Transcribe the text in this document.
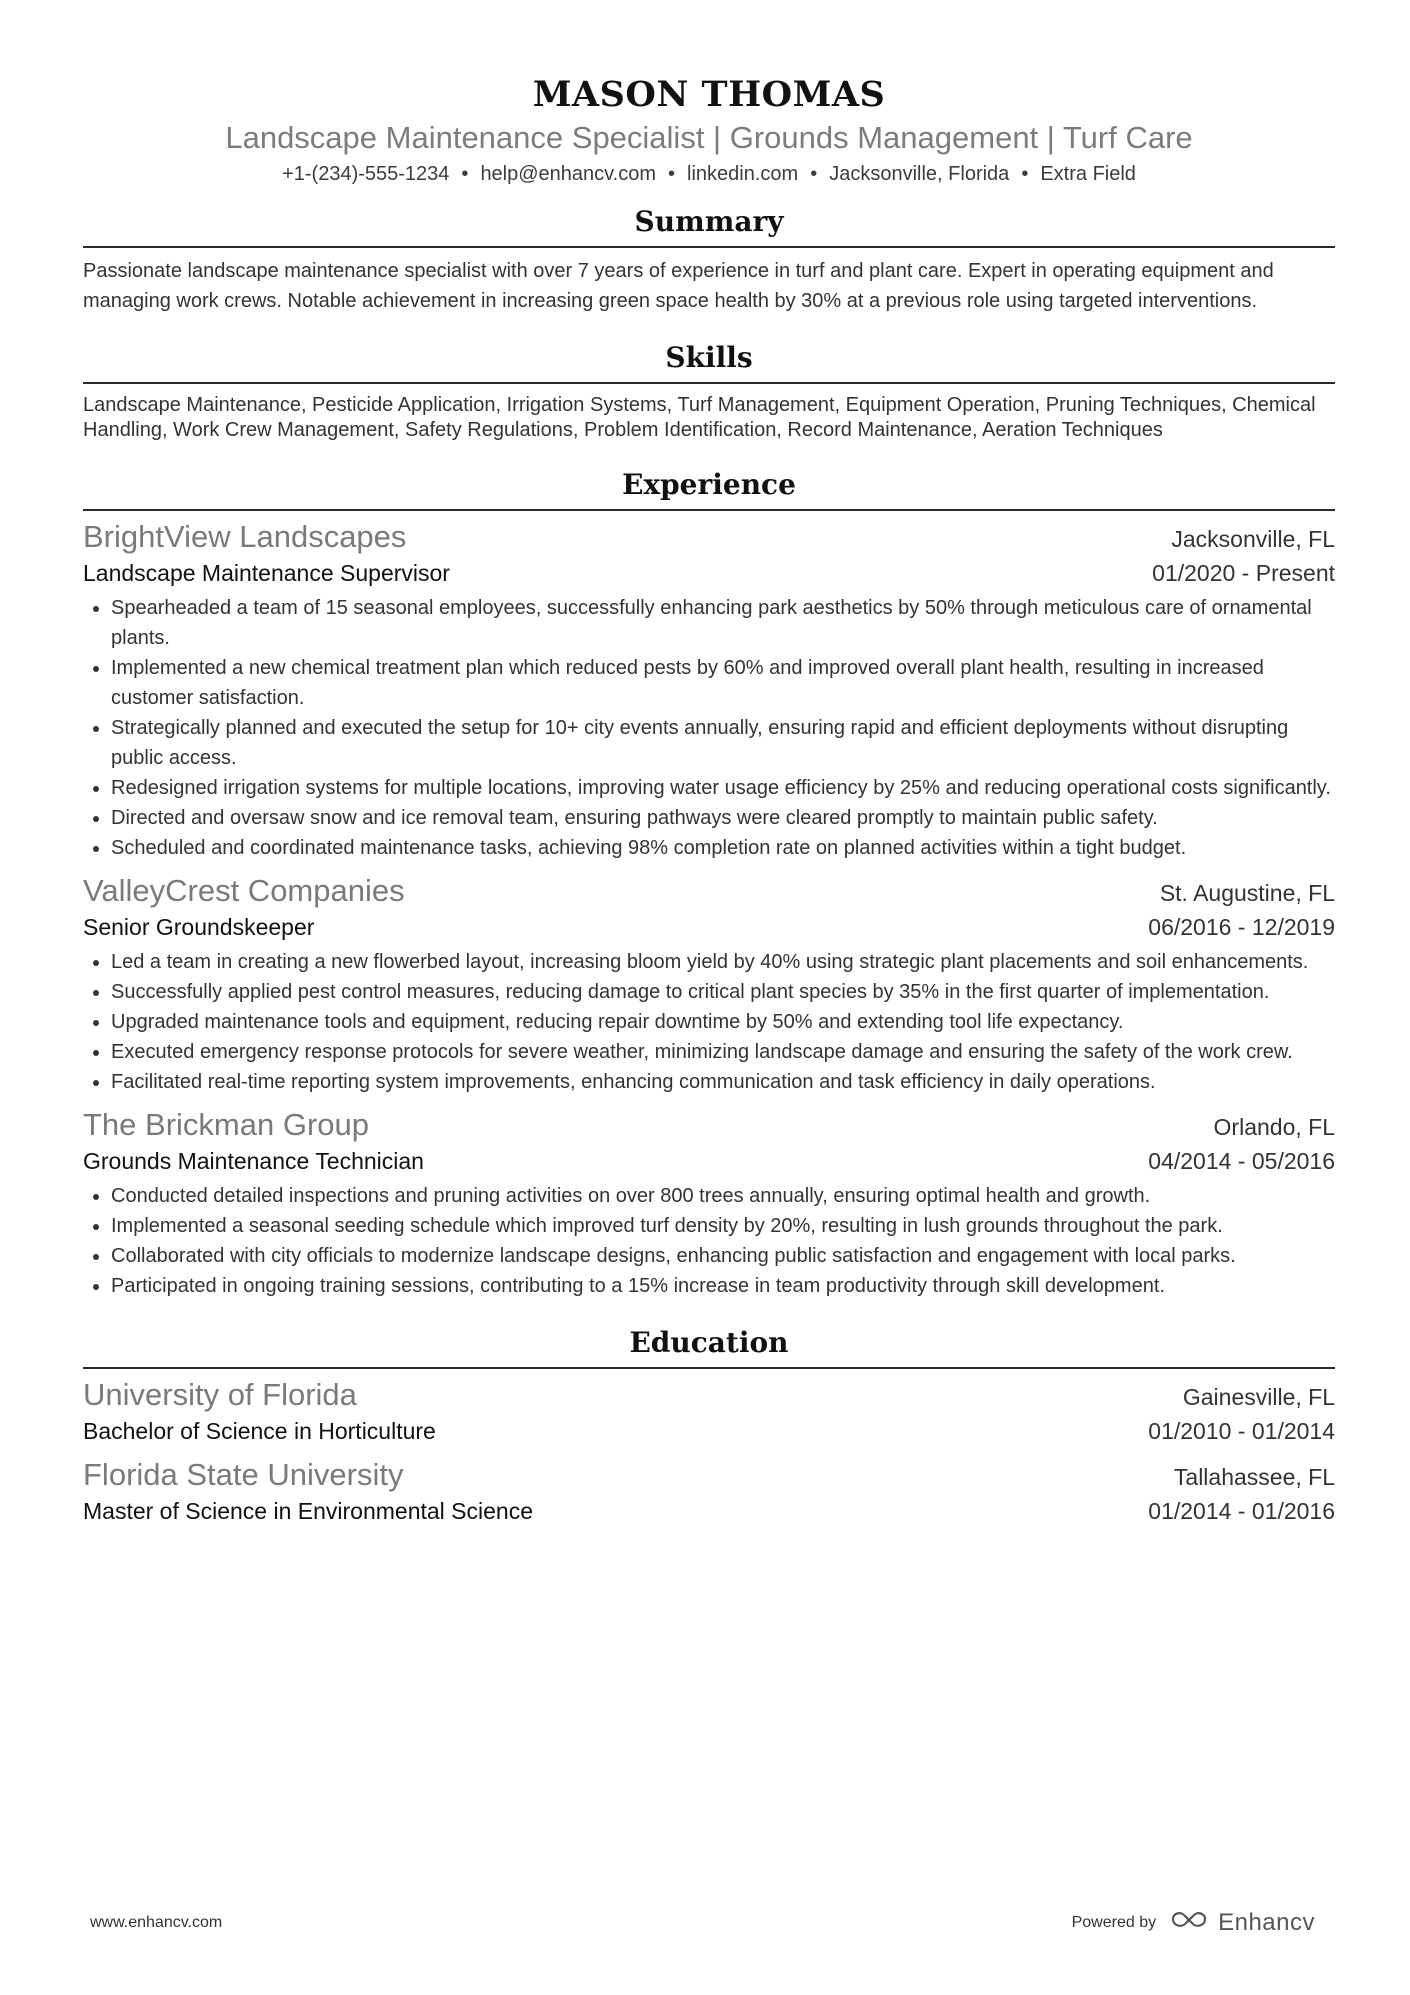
MASON THOMAS
Landscape Maintenance Specialist | Grounds Management | Turf Care
+1-(234)-555-1234 • help@enhancv.com • linkedin.com • Jacksonville, Florida • Extra Field
Summary
Passionate landscape maintenance specialist with over 7 years of experience in turf and plant care. Expert in operating equipment and managing work crews. Notable achievement in increasing green space health by 30% at a previous role using targeted interventions.
Skills
Landscape Maintenance, Pesticide Application, Irrigation Systems, Turf Management, Equipment Operation, Pruning Techniques, Chemical Handling, Work Crew Management, Safety Regulations, Problem Identification, Record Maintenance, Aeration Techniques
Experience
BrightView Landscapes	Jacksonville, FL
Landscape Maintenance Supervisor	01/2020 - Present
Spearheaded a team of 15 seasonal employees, successfully enhancing park aesthetics by 50% through meticulous care of ornamental plants.
Implemented a new chemical treatment plan which reduced pests by 60% and improved overall plant health, resulting in increased customer satisfaction.
Strategically planned and executed the setup for 10+ city events annually, ensuring rapid and efficient deployments without disrupting public access.
Redesigned irrigation systems for multiple locations, improving water usage efficiency by 25% and reducing operational costs significantly.
Directed and oversaw snow and ice removal team, ensuring pathways were cleared promptly to maintain public safety.
Scheduled and coordinated maintenance tasks, achieving 98% completion rate on planned activities within a tight budget.
ValleyCrest Companies	St. Augustine, FL
Senior Groundskeeper	06/2016 - 12/2019
Led a team in creating a new flowerbed layout, increasing bloom yield by 40% using strategic plant placements and soil enhancements.
Successfully applied pest control measures, reducing damage to critical plant species by 35% in the first quarter of implementation.
Upgraded maintenance tools and equipment, reducing repair downtime by 50% and extending tool life expectancy.
Executed emergency response protocols for severe weather, minimizing landscape damage and ensuring the safety of the work crew.
Facilitated real-time reporting system improvements, enhancing communication and task efficiency in daily operations.
The Brickman Group	Orlando, FL
Grounds Maintenance Technician	04/2014 - 05/2016
Conducted detailed inspections and pruning activities on over 800 trees annually, ensuring optimal health and growth.
Implemented a seasonal seeding schedule which improved turf density by 20%, resulting in lush grounds throughout the park.
Collaborated with city officials to modernize landscape designs, enhancing public satisfaction and engagement with local parks.
Participated in ongoing training sessions, contributing to a 15% increase in team productivity through skill development.
Education
University of Florida	Gainesville, FL
Bachelor of Science in Horticulture	01/2010 - 01/2014
Florida State University	Tallahassee, FL
Master of Science in Environmental Science	01/2014 - 01/2016
www.enhancv.com	Powered by	Enhancv
